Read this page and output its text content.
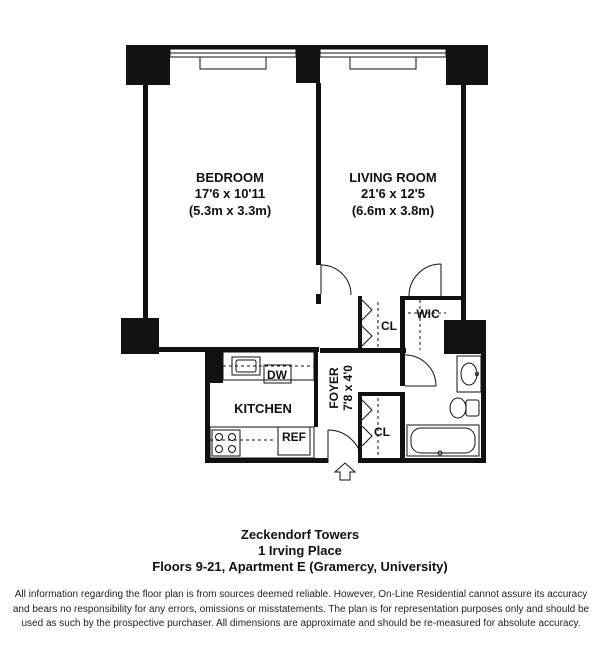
BEDROOM
17'6 x 10'11
(5.3m x 3.3m)
LIVING ROOM
21'6 x 12'5
(6.6m x 3.8m)
KITCHEN	FOYER 7'8 x 4'0
CL
CL
WIC
DW
REF
Zeckendorf Towers
1 Irving Place
Floors 9-21, Apartment E (Gramercy, University)
All information regarding the floor plan is from sources deemed reliable. However, On-Line Residential cannot assure its accuracy and bears no responsibility for any errors, omissions or misstatements. The plan is for representation purposes only and should be used as such by the prospective purchaser. All dimensions are approximate and should be re-measured for absolute accuracy.
